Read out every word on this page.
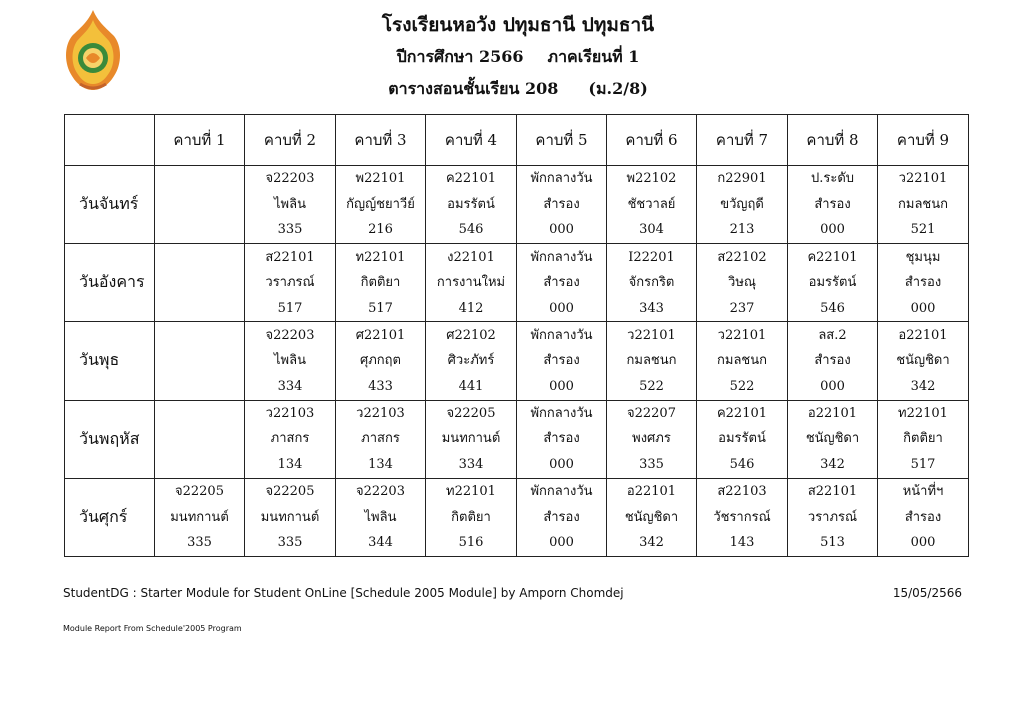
โรงเรียนหอวัง ปทุมธานี ปทุมธานี
ปีการศึกษา 2566 ภาคเรียนที่ 1
ตารางสอนชั้นเรียน 208 (ม.2/8)
	คาบที่ 1	คาบที่ 2	คาบที่ 3	คาบที่ 4	คาบที่ 5	คาบที่ 6	คาบที่ 7	คาบที่ 8	คาบที่ 9
วันจันทร์		จ22203
ไพลิน
335	พ22101
กัญญ์ชยาวีย์
216	ค22101
อมรรัตน์
546	พักกลางวัน
สำรอง
000	พ22102
ชัชวาลย์
304	ก22901
ขวัญฤดี
213	ป.ระดับ
สำรอง
000	ว22101
กมลชนก
521

วันอังคาร		ส22101
วราภรณ์
517	ท22101
กิตติยา
517	ง22101
การงานใหม่
412	พักกลางวัน
สำรอง
000	I22201
จักรกริต
343	ส22102
วิษณุ
237	ค22101
อมรรัตน์
546	ชุมนุม
สำรอง
000

วันพุธ		จ22203
ไพลิน
334	ศ22101
ศุภกฤต
433	ศ22102
ศิวะภัทร์
441	พักกลางวัน
สำรอง
000	ว22101
กมลชนก
522	ว22101
กมลชนก
522	ลส.2
สำรอง
000	อ22101
ชนัญชิดา
342

วันพฤหัส		ว22103
ภาสกร
134	ว22103
ภาสกร
134	จ22205
มนทกานต์
334	พักกลางวัน
สำรอง
000	จ22207
พงศภร
335	ค22101
อมรรัตน์
546	อ22101
ชนัญชิดา
342	ท22101
กิตติยา
517

วันศุกร์	จ22205
มนทกานต์
335	จ22205
มนทกานต์
335	จ22203
ไพลิน
344	ท22101
กิตติยา
516	พักกลางวัน
สำรอง
000	อ22101
ชนัญชิดา
342	ส22103
วัชรากรณ์
143	ส22101
วราภรณ์
513	หน้าที่ฯ
สำรอง
000
StudentDG : Starter Module for Student OnLine [Schedule 2005 Module] by Amporn Chomdej	15/05/2566
Module Report From Schedule'2005 Program
